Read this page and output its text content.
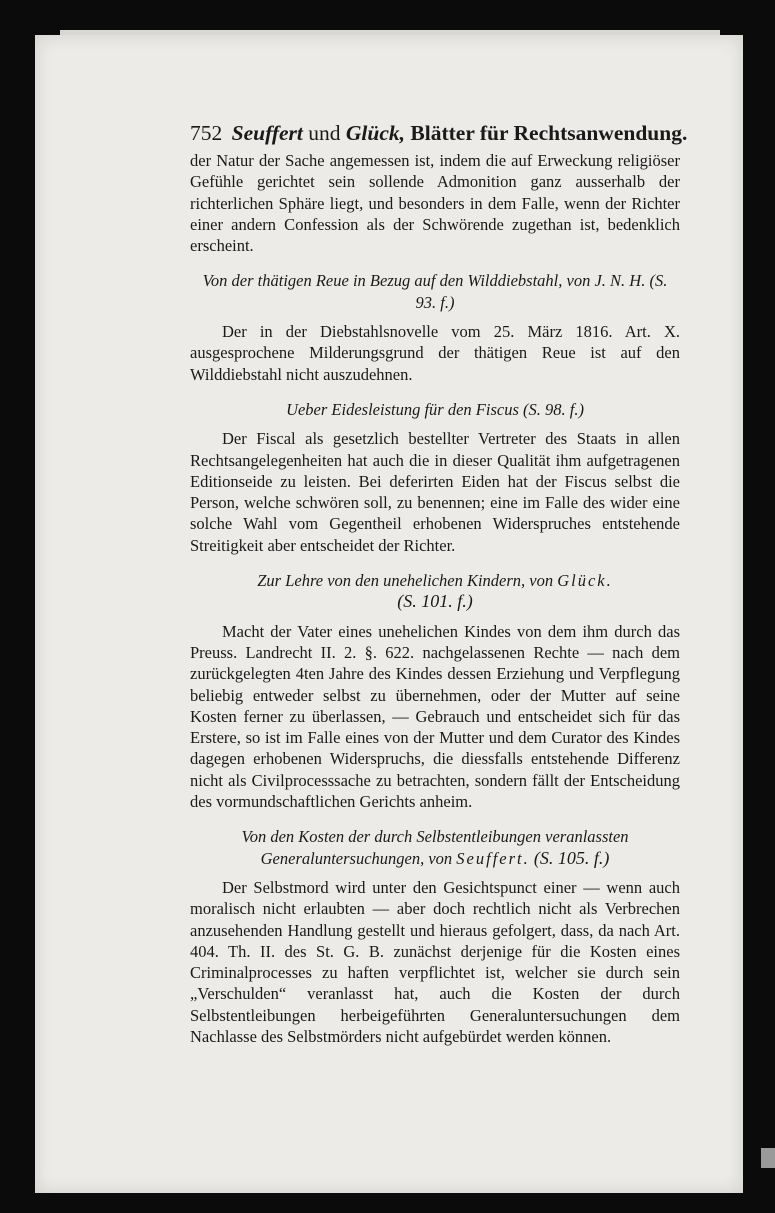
752 Seuffert und Glück, Blätter für Rechtsanwendung.

der Natur der Sache angemessen ist, indem die auf Erweckung religiöser Gefühle gerichtet sein sollende Admonition ganz ausserhalb der richterlichen Sphäre liegt, und besonders in dem Falle, wenn der Richter einer andern Confession als der Schwörende zugethan ist, bedenklich erscheint.

Von der thätigen Reue in Bezug auf den Wilddiebstahl, von J. N. H. (S. 93. f.)

Der in der Diebstahlsnovelle vom 25. März 1816. Art. X. ausgesprochene Milderungsgrund der thätigen Reue ist auf den Wilddiebstahl nicht auszudehnen.

Ueber Eidesleistung für den Fiscus (S. 98. f.)

Der Fiscal als gesetzlich bestellter Vertreter des Staats in allen Rechtsangelegenheiten hat auch die in dieser Qualität ihm aufgetragenen Editionseide zu leisten. Bei deferirten Eiden hat der Fiscus selbst die Person, welche schwören soll, zu benennen; eine im Falle des wider eine solche Wahl vom Gegentheil erhobenen Widerspruches entstehende Streitigkeit aber entscheidet der Richter.

Zur Lehre von den unehelichen Kindern, von Glück.
(S. 101. f.)

Macht der Vater eines unehelichen Kindes von dem ihm durch das Preuss. Landrecht II. 2. §. 622. nachgelassenen Rechte — nach dem zurückgelegten 4ten Jahre des Kindes dessen Erziehung und Verpflegung beliebig entweder selbst zu übernehmen, oder der Mutter auf seine Kosten ferner zu überlassen, — Gebrauch und entscheidet sich für das Erstere, so ist im Falle eines von der Mutter und dem Curator des Kindes dagegen erhobenen Widerspruchs, die diessfalls entstehende Differenz nicht als Civilprocesssache zu betrachten, sondern fällt der Entscheidung des vormundschaftlichen Gerichts anheim.

Von den Kosten der durch Selbstentleibungen veranlassten Generaluntersuchungen, von Seuffert. (S. 105. f.)

Der Selbstmord wird unter den Gesichtspunct einer — wenn auch moralisch nicht erlaubten — aber doch rechtlich nicht als Verbrechen anzusehenden Handlung gestellt und hieraus gefolgert, dass, da nach Art. 404. Th. II. des St. G. B. zunächst derjenige für die Kosten eines Criminalprocesses zu haften verpflichtet ist, welcher sie durch sein „Verschulden“ veranlasst hat, auch die Kosten der durch Selbstentleibungen herbeigeführten Generaluntersuchungen dem Nachlasse des Selbstmörders nicht aufgebürdet werden können.
